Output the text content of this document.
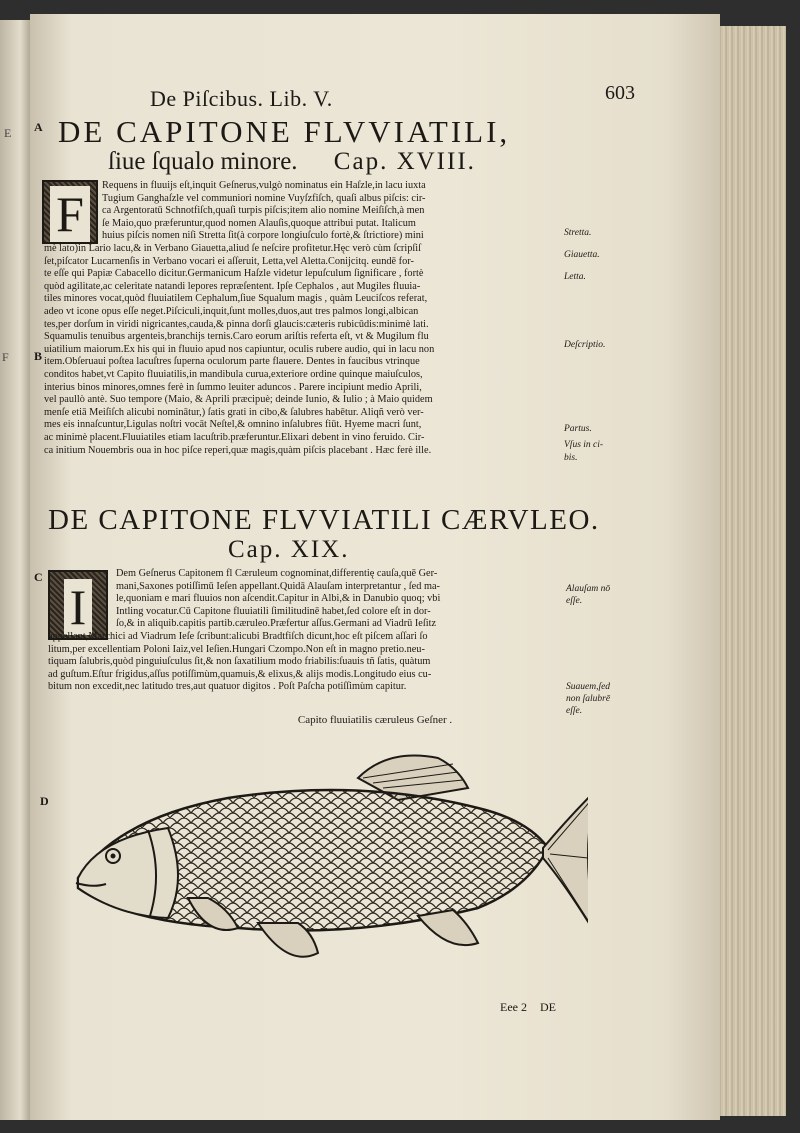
E
F
De Piſcibus. Lib. V.	603
A DE CAPITONE FLVVIATILI,
ſiue ſqualo minore. Cap. XVIII.
F

Requens in fluuijs eſt,inquit Geſnerus,vulgò nominatus ein Haſzle,in lacu iuxta

Tugium Ganghaſzle vel communiori nomine Vuyſzfiſch, quaſi albus piſcis: cir-

ca Argentoratū Schnotfiſch,quaſi turpis piſcis;item alio nomine Meiſiſch,à men

ſe Maio,quo præferuntur,quod nomen Alauſis,quoque attribui putat. Italicum

huius piſcis nomen niſi Stretta ſit(à corpore longiuſculo fortè,& ſtrictiore) mini

mè lato)in Lario lacu,& in Verbano Giauetta,aliud ſe neſcire profitetur.Hęc verò cùm ſcripſiſ

ſet,piſcator Lucarnenſis in Verbano vocari ei aſſeruit, Letta,vel Aletta.Conijcitq. eundē for-

te eſſe qui Papiæ Cabacello dicitur.Germanicum Haſzle videtur lepuſculum ſignificare , fortè

quòd agilitate,ac celeritate natandi lepores repræſentent. Ipſe Cephalos , aut Mugiles fluuia-

tiles minores vocat,quòd fluuiatilem Cephalum,ſiue Squalum magis , quàm Leuciſcos referat,

adeo vt icone opus eſſe neget.Piſciculi,inquit,ſunt molles,duos,aut tres palmos longi,albican

tes,per dorſum in viridi nigricantes,cauda,& pinna dorſi glaucis:cæteris rubicūdis:minimè lati.

Squamulis tenuibus argenteis,branchijs ternis.Caro eorum ariſtis referta eſt, vt & Mugilum flu

uiatilium maiorum.Ex his qui in fluuio apud nos capiuntur, oculis rubere audio, qui in lacu non

item.Obſeruaui poſtea lacuſtres ſuperna oculorum parte flauere. Dentes in faucibus vtrinque

conditos habet,vt Capito fluuiatilis,in mandibula curua,exteriore ordine quinque maiuſculos,

interius binos minores,omnes ferè in ſummo leuiter aduncos . Parere incipiunt medio Aprili,

vel paullò antè. Suo tempore (Maio, & Aprili præcipuè; deinde Iunio, & Iulio ; à Maio quidem

menſe etiā Meiſiſch alicubi nominātur,) ſatis grati in cibo,& ſalubres habētur. Aliqñ verò ver-

mes eis innaſcuntur,Ligulas noſtri vocāt Neſtel,& omnino inſalubres fiūt. Hyeme macri ſunt,

ac minimè placent.Fluuiatiles etiam lacuſtrib.præferuntur.Elixari debent in vino feruido. Cir-

ca initium Nouembris oua in hoc piſce reperi,quæ magis,quàm piſcis placebant . Hæc ferè ille.

B
Stretta.
Giauetta.
Letta.
Deſcriptio.
Partus.
Vſus in ci-
bis.
DE CAPITONE FLVVIATILI CÆRVLEO.
Cap. XIX.
C
I

Dem Geſnerus Capitonem fl Cæruleum cognominat,differentię cauſa,quē Ger-

mani,Saxones potiſſimū Ieſen appellant.Quidā Alauſam interpretantur , ſed ma-

le,quoniam e mari fluuios non aſcendit.Capitur in Albi,& in Danubio quoq; vbi

Intling vocatur.Cū Capitone fluuiatili ſimilitudinē habet,ſed colore eſt in dor-

ſo,& in aliquib.capitis partib.cæruleo.Præfertur aſſus.Germani ad Viadrū Ieſitz

appellant,Marchici ad Viadrum Ieſe ſcribunt:alicubi Bradtfiſch dicunt,hoc eſt piſcem aſſari ſo

litum,per excellentiam Poloni Iaiz,vel Ieſien.Hungari Czompo.Non eſt in magno pretio.neu-

tiquam ſalubris,quòd pinguiuſculus ſit,& non ſaxatilium modo friabilis:ſuauis tñ ſatis, quàtum

ad guſtum.Eſtur frigidus,aſſus potiſſimùm,quamuis,& elixus,& alijs modis.Longitudo eius cu-

bitum non excedit,nec latitudo tres,aut quatuor digitos . Poſt Paſcha potiſſimùm capitur.

Alauſam nō
eſſe.
Suauem,ſed
non ſalubrē
eſſe.
Capito fluuiatilis cæruleus Geſner .
D
Eee 2 DE
